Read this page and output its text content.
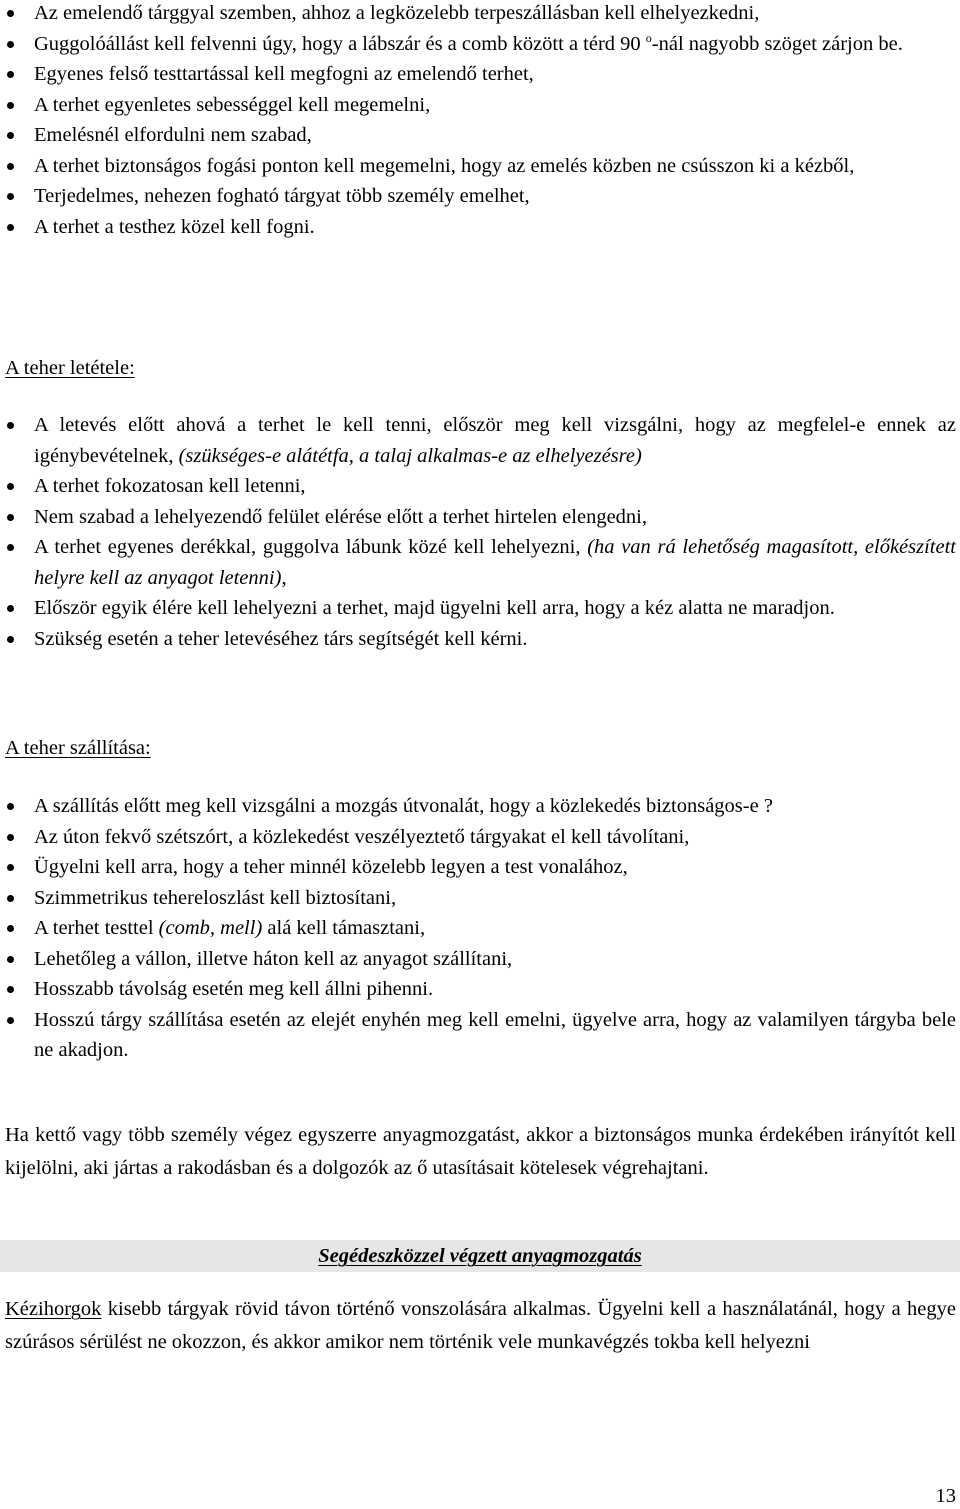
Az emelendő tárggyal szemben, ahhoz a legközelebb terpeszállásban kell elhelyezkedni,
Guggolóállást kell felvenni úgy, hogy a lábszár és a comb között a térd 90 $^o$-nál nagyobb szöget zárjon be.
Egyenes felső testtartással kell megfogni az emelendő terhet,
A terhet egyenletes sebességgel kell megemelni,
Emelésnél elfordulni nem szabad,
A terhet biztonságos fogási ponton kell megemelni, hogy az emelés közben ne csússzon ki a kézből,
Terjedelmes, nehezen fogható tárgyat több személy emelhet,
A terhet a testhez közel kell fogni.
A teher letétele:
A letevés előtt ahová a terhet le kell tenni, először meg kell vizsgálni, hogy az megfelel-e ennek az igénybevételnek, (szükséges-e alátétfa, a talaj alkalmas-e az elhelyezésre)
A terhet fokozatosan kell letenni,
Nem szabad a lehelyezendő felület elérése előtt a terhet hirtelen elengedni,
A terhet egyenes derékkal, guggolva lábunk közé kell lehelyezni, (ha van rá lehetőség magasított, előkészített helyre kell az anyagot letenni),
Először egyik élére kell lehelyezni a terhet, majd ügyelni kell arra, hogy a kéz alatta ne maradjon.
Szükség esetén a teher letevéséhez társ segítségét kell kérni.
A teher szállítása:
A szállítás előtt meg kell vizsgálni a mozgás útvonalát, hogy a közlekedés biztonságos-e ?
Az úton fekvő szétszórt, a közlekedést veszélyeztető tárgyakat el kell távolítani,
Ügyelni kell arra, hogy a teher minnél közelebb legyen a test vonalához,
Szimmetrikus tehereloszlást kell biztosítani,
A terhet testtel (comb, mell) alá kell támasztani,
Lehetőleg a vállon, illetve háton kell az anyagot szállítani,
Hosszabb távolság esetén meg kell állni pihenni.
Hosszú tárgy szállítása esetén az elejét enyhén meg kell emelni, ügyelve arra, hogy az valamilyen tárgyba bele ne akadjon.

Ha kettő vagy több személy végez egyszerre anyagmozgatást, akkor a biztonságos munka érdekében irányítót kell kijelölni, aki jártas a rakodásban és a dolgozók az ő utasításait kötelesek végrehajtani.

Segédeszközzel végzett anyagmozgatás

Kézihorgok kisebb tárgyak rövid távon történő vonszolására alkalmas. Ügyelni kell a használatánál, hogy a hegye szúrásos sérülést ne okozzon, és akkor amikor nem történik vele munkavégzés tokba kell helyezni

13
